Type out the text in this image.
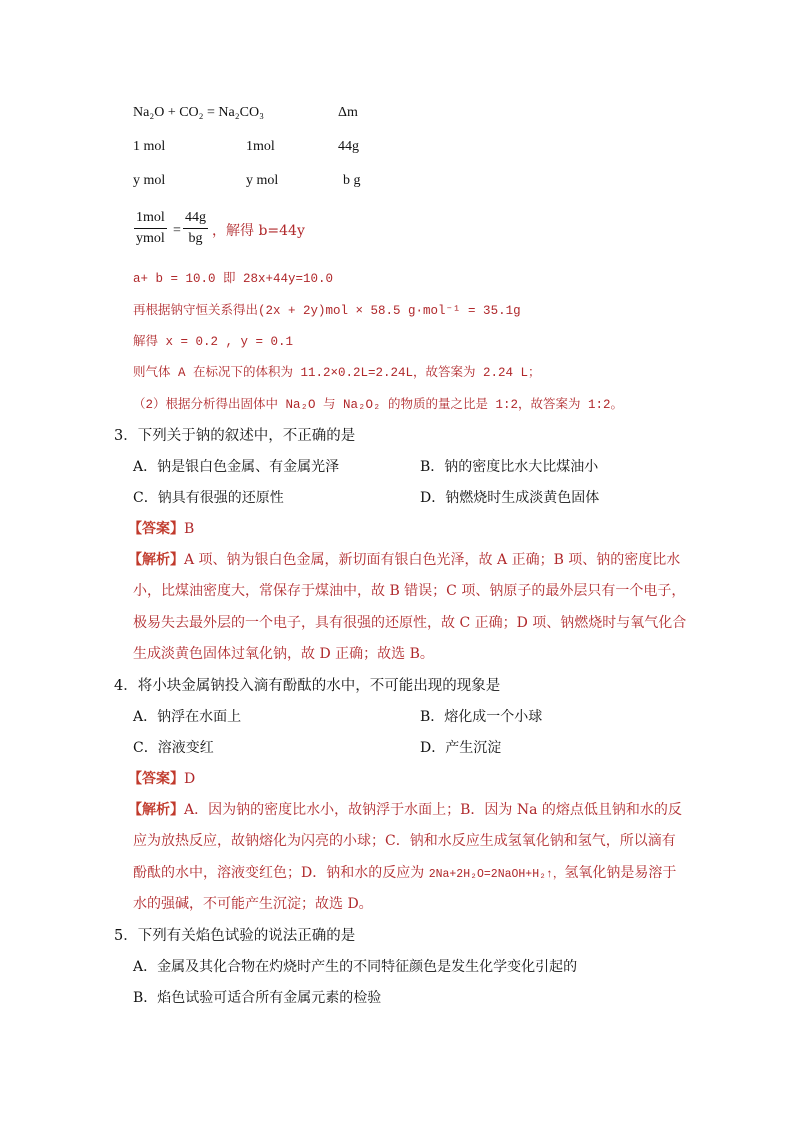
Na₂O + CO₂ = Na₂CO₃	Δm
1 mol	1mol	44g
y mol	y mol	b g
1mol
ymol
= $\frac{44g}{bg}$ ，解得 b=44y
a+ b = 10.0 即 28x+44y=10.0
再根据钠守恒关系得出(2x + 2y)mol × 58.5 g·mol⁻¹ = 35.1g
解得 x = 0.2 , y = 0.1
则气体 A 在标况下的体积为 11.2×0.2L=2.24L，故答案为 2.24 L；
（2）根据分析得出固体中 Na₂O 与 Na₂O₂ 的物质的量之比是 1:2，故答案为 1:2。
3．下列关于钠的叙述中，不正确的是
A．钠是银白色金属、有金属光泽	B．钠的密度比水大比煤油小
C．钠具有很强的还原性	D．钠燃烧时生成淡黄色固体
【答案】B
【解析】A 项、钠为银白色金属，新切面有银白色光泽，故 A 正确；B 项、钠的密度比水
小，比煤油密度大，常保存于煤油中，故 B 错误；C 项、钠原子的最外层只有一个电子，
极易失去最外层的一个电子，具有很强的还原性，故 C 正确；D 项、钠燃烧时与氧气化合
生成淡黄色固体过氧化钠，故 D 正确；故选 B。
4．将小块金属钠投入滴有酚酞的水中，不可能出现的现象是
A．钠浮在水面上	B．熔化成一个小球
C．溶液变红	D．产生沉淀
【答案】D
【解析】A．因为钠的密度比水小，故钠浮于水面上；B．因为 Na 的熔点低且钠和水的反
应为放热反应，故钠熔化为闪亮的小球；C．钠和水反应生成氢氧化钠和氢气，所以滴有
酚酞的水中，溶液变红色；D．钠和水的反应为 2Na+2H₂O=2NaOH+H₂↑，氢氧化钠是易溶于
水的强碱，不可能产生沉淀；故选 D。
5．下列有关焰色试验的说法正确的是
A．金属及其化合物在灼烧时产生的不同特征颜色是发生化学变化引起的
B．焰色试验可适合所有金属元素的检验
